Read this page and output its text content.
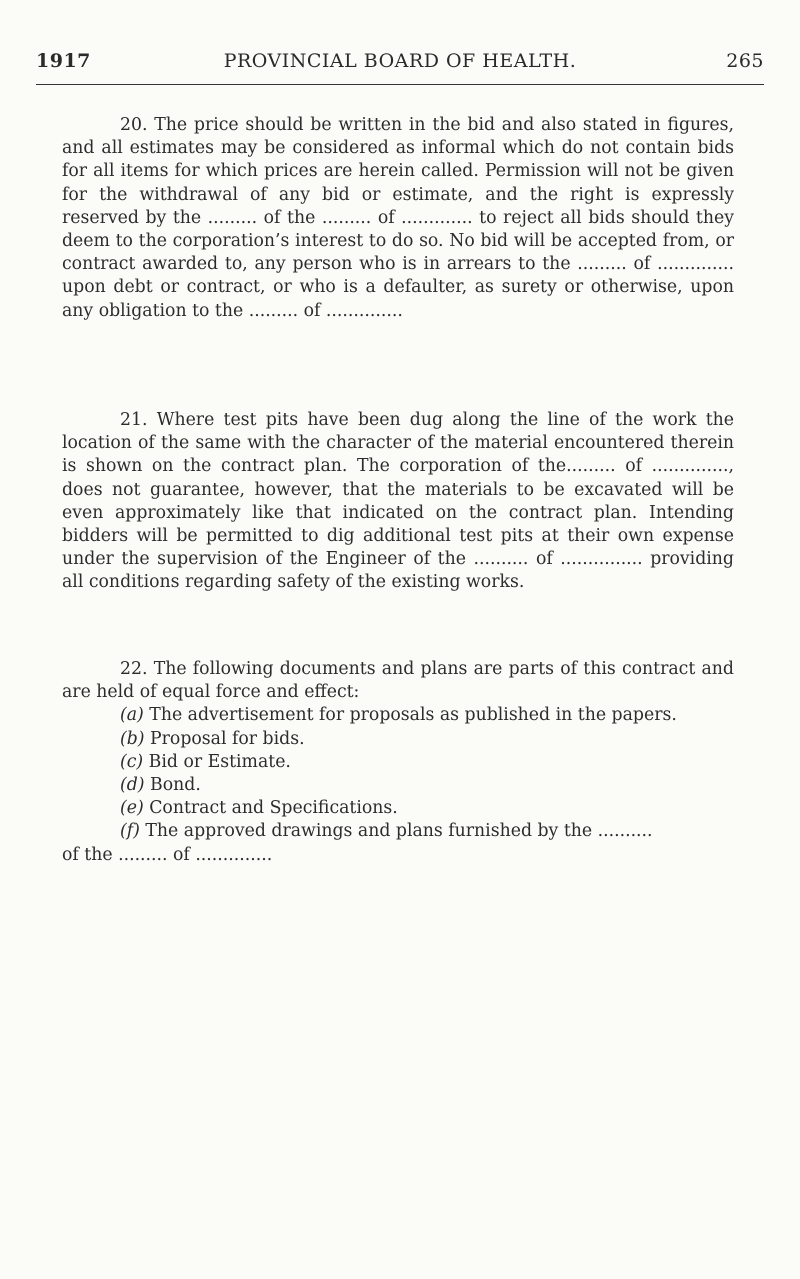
1917	PROVINCIAL BOARD OF HEALTH.	265

20. The price should be written in the bid and also stated in figures, and all estimates may be considered as informal which do not contain bids for all items for which prices are herein called. Permission will not be given for the withdrawal of any bid or estimate, and the right is expressly reserved by the ......... of the ......... of ............. to reject all bids should they deem to the corporation’s interest to do so. No bid will be accepted from, or contract awarded to, any person who is in arrears to the ......... of .............. upon debt or contract, or who is a defaulter, as surety or otherwise, upon any obligation to the ......... of ..............

21. Where test pits have been dug along the line of the work the location of the same with the character of the material encountered therein is shown on the contract plan. The corporation of the......... of .............., does not guarantee, however, that the materials to be excavated will be even approximately like that indicated on the contract plan. Intending bidders will be permitted to dig additional test pits at their own expense under the supervision of the Engineer of the .......... of ............... providing all conditions regarding safety of the existing works.

22. The following documents and plans are parts of this contract and are held of equal force and effect:

(a) The advertisement for proposals as published in the papers.

(b) Proposal for bids.

(c) Bid or Estimate.

(d) Bond.

(e) Contract and Specifications.

(f) The approved drawings and plans furnished by the ..........

of the ......... of ..............
